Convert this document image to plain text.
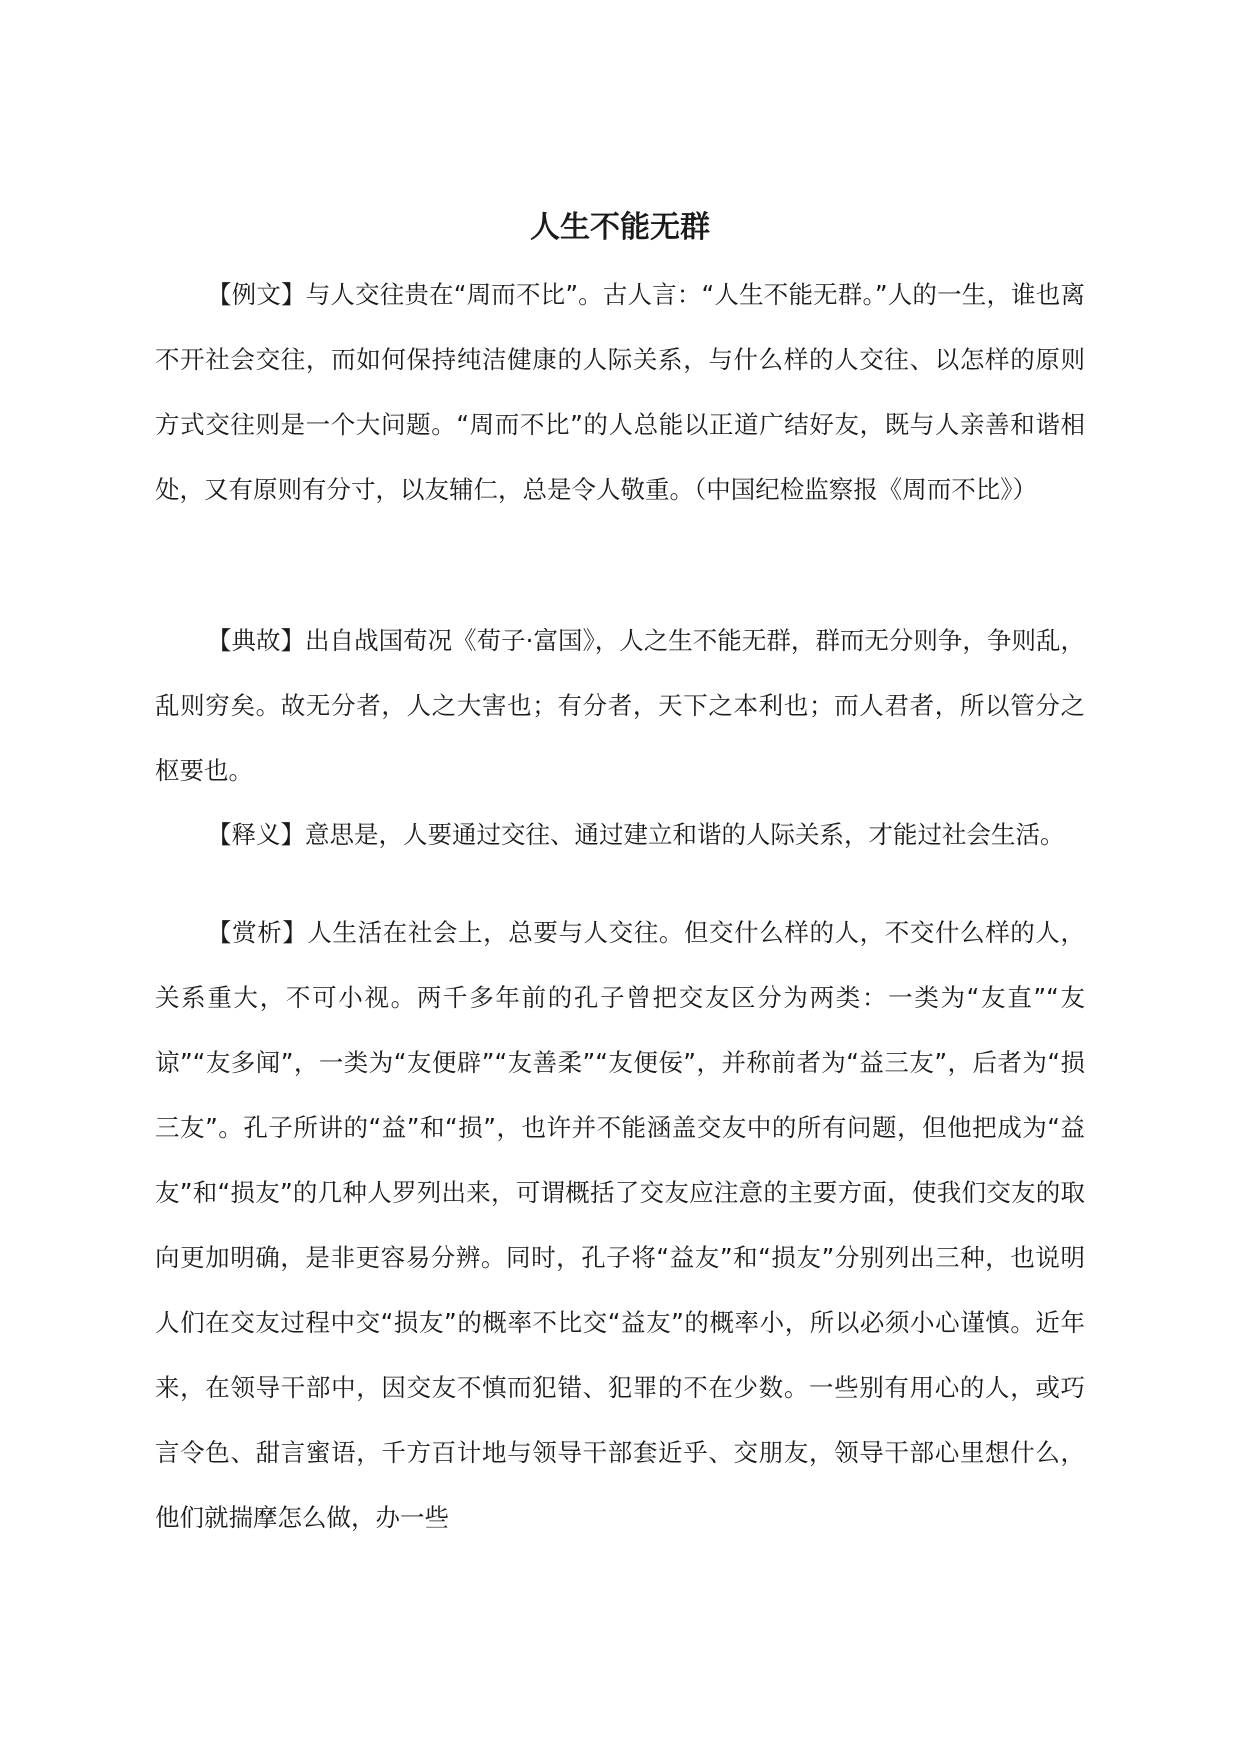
人生不能无群

【例文】与人交往贵在“周而不比”。古人言：“人生不能无群。”人的一生，谁也离不开社会交往，而如何保持纯洁健康的人际关系，与什么样的人交往、以怎样的原则方式交往则是一个大问题。“周而不比”的人总能以正道广结好友，既与人亲善和谐相处，又有原则有分寸，以友辅仁，总是令人敬重。（中国纪检监察报《周而不比》）

【典故】出自战国荀况《荀子·富国》，人之生不能无群，群而无分则争，争则乱，乱则穷矣。故无分者，人之大害也；有分者，天下之本利也；而人君者，所以管分之枢要也。

【释义】意思是，人要通过交往、通过建立和谐的人际关系，才能过社会生活。

【赏析】人生活在社会上，总要与人交往。但交什么样的人，不交什么样的人，关系重大，不可小视。两千多年前的孔子曾把交友区分为两类：一类为“友直”“友谅”“友多闻”，一类为“友便辟”“友善柔”“友便佞”，并称前者为“益三友”，后者为“损三友”。孔子所讲的“益”和“损”，也许并不能涵盖交友中的所有问题，但他把成为“益友”和“损友”的几种人罗列出来，可谓概括了交友应注意的主要方面，使我们交友的取向更加明确，是非更容易分辨。同时，孔子将“益友”和“损友”分别列出三种，也说明人们在交友过程中交“损友”的概率不比交“益友”的概率小，所以必须小心谨慎。近年来，在领导干部中，因交友不慎而犯错、犯罪的不在少数。一些别有用心的人，或巧言令色、甜言蜜语，千方百计地与领导干部套近乎、交朋友，领导干部心里想什么，他们就揣摩怎么做，办一些
